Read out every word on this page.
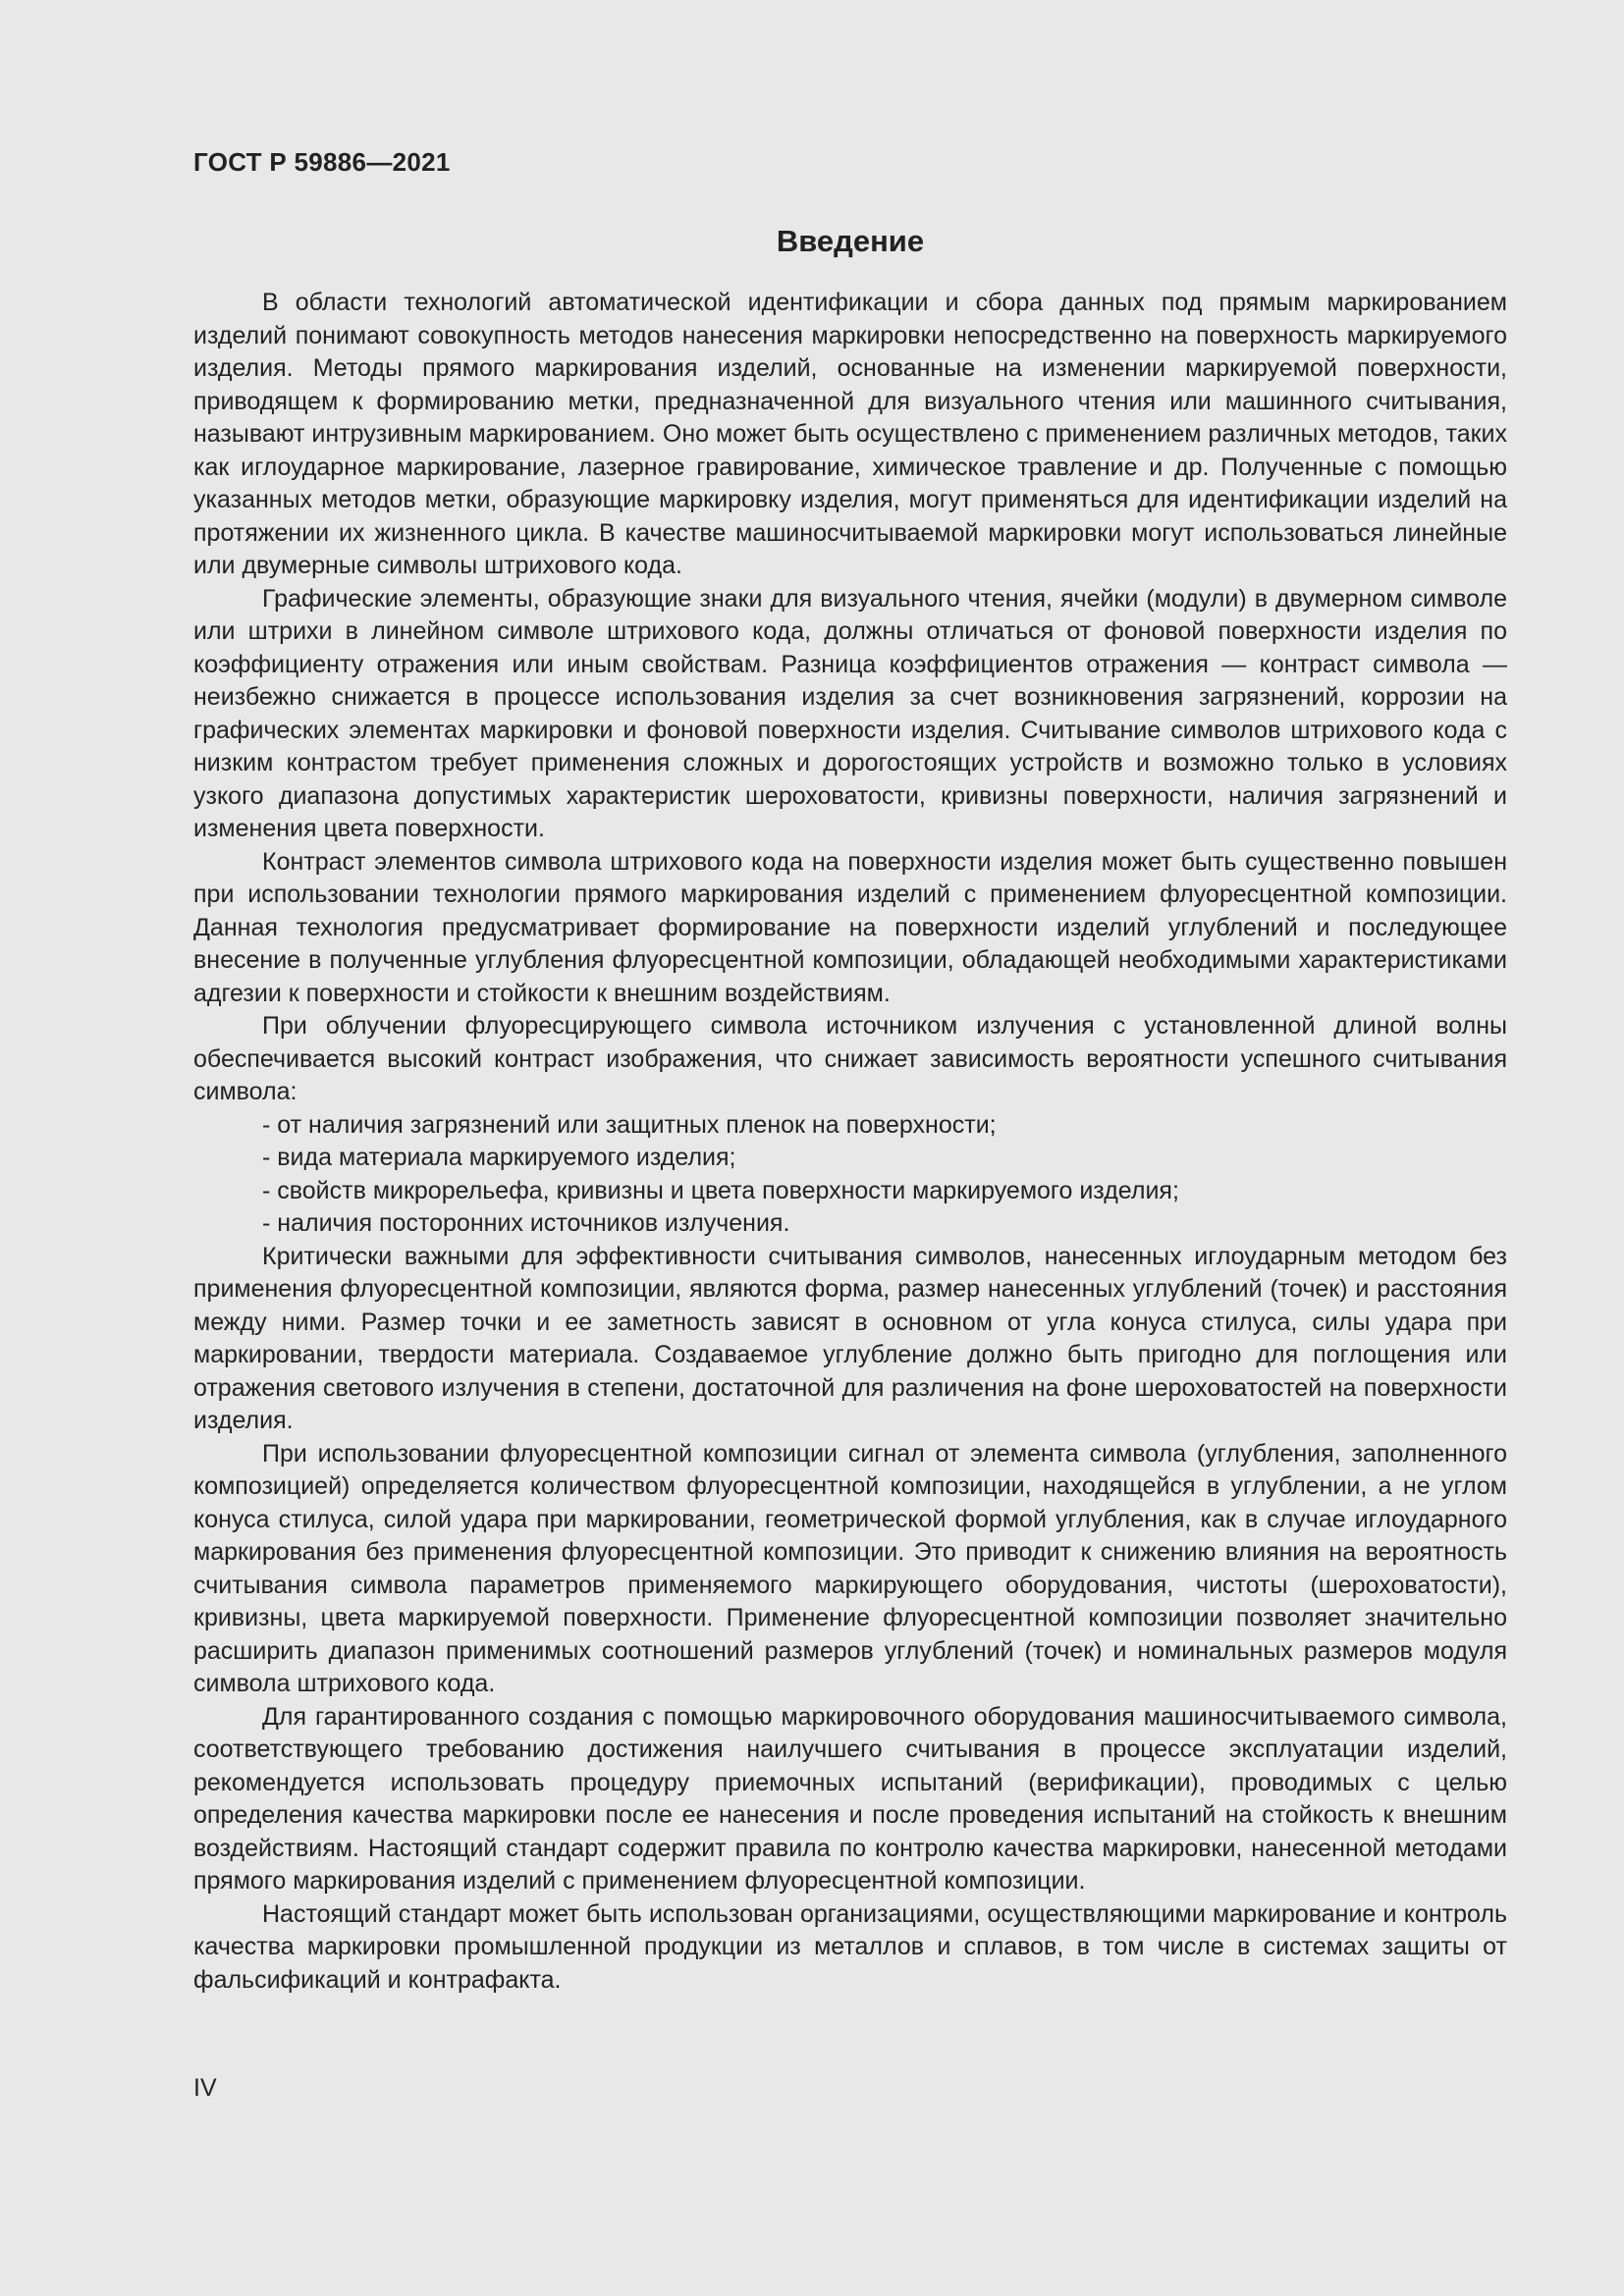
ГОСТ Р 59886—2021

Введение

В области технологий автоматической идентификации и сбора данных под прямым маркированием изделий понимают совокупность методов нанесения маркировки непосредственно на поверхность маркируемого изделия. Методы прямого маркирования изделий, основанные на изменении маркируемой поверхности, приводящем к формированию метки, предназначенной для визуального чтения или машинного считывания, называют интрузивным маркированием. Оно может быть осуществлено с применением различных методов, таких как иглоударное маркирование, лазерное гравирование, химическое травление и др. Полученные с помощью указанных методов метки, образующие маркировку изделия, могут применяться для идентификации изделий на протяжении их жизненного цикла. В качестве машиносчитываемой маркировки могут использоваться линейные или двумерные символы штрихового кода.

Графические элементы, образующие знаки для визуального чтения, ячейки (модули) в двумерном символе или штрихи в линейном символе штрихового кода, должны отличаться от фоновой поверхности изделия по коэффициенту отражения или иным свойствам. Разница коэффициентов отражения — контраст символа — неизбежно снижается в процессе использования изделия за счет возникновения загрязнений, коррозии на графических элементах маркировки и фоновой поверхности изделия. Считывание символов штрихового кода с низким контрастом требует применения сложных и дорогостоящих устройств и возможно только в условиях узкого диапазона допустимых характеристик шероховатости, кривизны поверхности, наличия загрязнений и изменения цвета поверхности.

Контраст элементов символа штрихового кода на поверхности изделия может быть существенно повышен при использовании технологии прямого маркирования изделий с применением флуоресцентной композиции. Данная технология предусматривает формирование на поверхности изделий углублений и последующее внесение в полученные углубления флуоресцентной композиции, обладающей необходимыми характеристиками адгезии к поверхности и стойкости к внешним воздействиям.

При облучении флуоресцирующего символа источником излучения с установленной длиной волны обеспечивается высокий контраст изображения, что снижает зависимость вероятности успешного считывания символа:

- от наличия загрязнений или защитных пленок на поверхности;
- вида материала маркируемого изделия;
- свойств микрорельефа, кривизны и цвета поверхности маркируемого изделия;
- наличия посторонних источников излучения.

Критически важными для эффективности считывания символов, нанесенных иглоударным методом без применения флуоресцентной композиции, являются форма, размер нанесенных углублений (точек) и расстояния между ними. Размер точки и ее заметность зависят в основном от угла конуса стилуса, силы удара при маркировании, твердости материала. Создаваемое углубление должно быть пригодно для поглощения или отражения светового излучения в степени, достаточной для различения на фоне шероховатостей на поверхности изделия.

При использовании флуоресцентной композиции сигнал от элемента символа (углубления, заполненного композицией) определяется количеством флуоресцентной композиции, находящейся в углублении, а не углом конуса стилуса, силой удара при маркировании, геометрической формой углубления, как в случае иглоударного маркирования без применения флуоресцентной композиции. Это приводит к снижению влияния на вероятность считывания символа параметров применяемого маркирующего оборудования, чистоты (шероховатости), кривизны, цвета маркируемой поверхности. Применение флуоресцентной композиции позволяет значительно расширить диапазон применимых соотношений размеров углублений (точек) и номинальных размеров модуля символа штрихового кода.

Для гарантированного создания с помощью маркировочного оборудования машиносчитываемого символа, соответствующего требованию достижения наилучшего считывания в процессе эксплуатации изделий, рекомендуется использовать процедуру приемочных испытаний (верификации), проводимых с целью определения качества маркировки после ее нанесения и после проведения испытаний на стойкость к внешним воздействиям. Настоящий стандарт содержит правила по контролю качества маркировки, нанесенной методами прямого маркирования изделий с применением флуоресцентной композиции.

Настоящий стандарт может быть использован организациями, осуществляющими маркирование и контроль качества маркировки промышленной продукции из металлов и сплавов, в том числе в системах защиты от фальсификаций и контрафакта.

IV
